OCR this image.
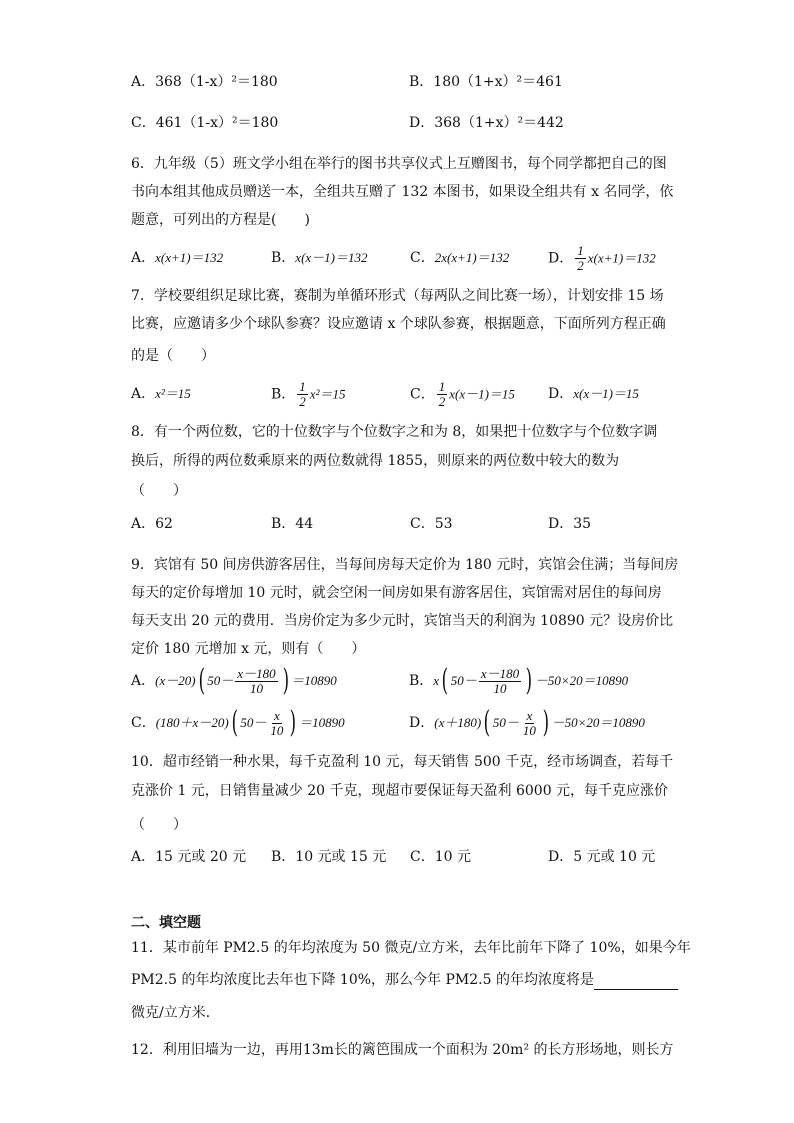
A．368（1-x）²＝180	B．180（1+x）²＝461
C．461（1-x）²＝180	D．368（1+x）²＝442
6．九年级（5）班文学小组在举行的图书共享仪式上互赠图书，每个同学都把自己的图
书向本组其他成员赠送一本，全组共互赠了 132 本图书，如果设全组共有 x 名同学，依
题意，可列出的方程是(　　)
A．x(x+1)＝132	B．x(x－1)＝132	C．2x(x+1)＝132	D． $\frac{1}{2} x(x+1)=132$
7．学校要组织足球比赛，赛制为单循环形式（每两队之间比赛一场），计划安排 15 场
比赛，应邀请多少个球队参赛？设应邀请 x 个球队参赛，根据题意，下面所列方程正确
的是（　　）
A．x²＝15	B． $\frac{1}{2} x^2=15$	C． $\frac{1}{2} x(x-1)=15$ D．x(x－1)＝15
8．有一个两位数，它的十位数字与个位数字之和为 8，如果把十位数字与个位数字调
换后，所得的两位数乘原来的两位数就得 1855，则原来的两位数中较大的数为
（　　）
A．62	B．44	C．53	D．35
9．宾馆有 50 间房供游客居住，当每间房每天定价为 180 元时，宾馆会住满；当每间房
每天的定价每增加 10 元时，就会空闲一间房如果有游客居住，宾馆需对居住的每间房
每天支出 20 元的费用．当房价定为多少元时，宾馆当天的利润为 10890 元？设房价比
定价 180 元增加 x 元，则有（　　）
A．(x－20)( $50- \frac{x-180}{10}$ ) ＝10890	B．x( $50- \frac{x-180}{10}$ ) －50×20＝10890
C．(180＋x－20)( $50- \frac{x}{10}$ ) ＝10890	D．(x＋180)( $50- \frac{x}{10}$ ) －50×20＝10890
10．超市经销一种水果，每千克盈利 10 元，每天销售 500 千克，经市场调查，若每千
克涨价 1 元，日销售量减少 20 千克，现超市要保证每天盈利 6000 元，每千克应涨价
（　　）
A．15 元或 20 元 B．10 元或 15 元 C．10 元	D．5 元或 10 元
二、填空题
11．某市前年 PM2.5 的年均浓度为 50 微克/立方米，去年比前年下降了 10%，如果今年
PM2.5 的年均浓度比去年也下降 10%，那么今年 PM2.5 的年均浓度将是
微克/立方米．
12．利用旧墙为一边，再用13m长的篱笆围成一个面积为 20m² 的长方形场地，则长方
